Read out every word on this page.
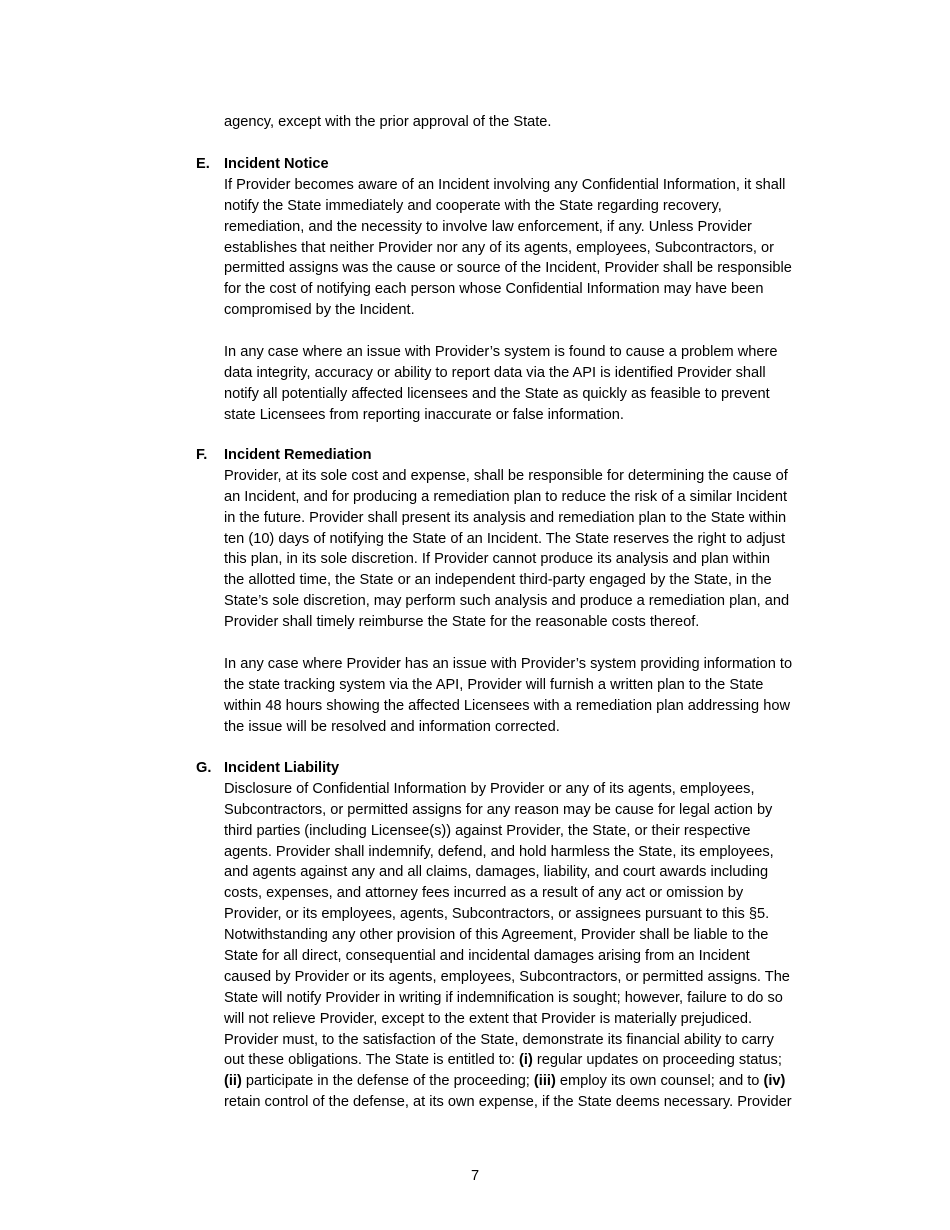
agency, except with the prior approval of the State.
E. Incident Notice
If Provider becomes aware of an Incident involving any Confidential Information, it shall
notify the State immediately and cooperate with the State regarding recovery,
remediation, and the necessity to involve law enforcement, if any. Unless Provider
establishes that neither Provider nor any of its agents, employees, Subcontractors, or
permitted assigns was the cause or source of the Incident, Provider shall be responsible
for the cost of notifying each person whose Confidential Information may have been
compromised by the Incident.
In any case where an issue with Provider’s system is found to cause a problem where
data integrity, accuracy or ability to report data via the API is identified Provider shall
notify all potentially affected licensees and the State as quickly as feasible to prevent
state Licensees from reporting inaccurate or false information.
F. Incident Remediation
Provider, at its sole cost and expense, shall be responsible for determining the cause of
an Incident, and for producing a remediation plan to reduce the risk of a similar Incident
in the future. Provider shall present its analysis and remediation plan to the State within
ten (10) days of notifying the State of an Incident. The State reserves the right to adjust
this plan, in its sole discretion. If Provider cannot produce its analysis and plan within
the allotted time, the State or an independent third-party engaged by the State, in the
State’s sole discretion, may perform such analysis and produce a remediation plan, and
Provider shall timely reimburse the State for the reasonable costs thereof.
In any case where Provider has an issue with Provider’s system providing information to
the state tracking system via the API, Provider will furnish a written plan to the State
within 48 hours showing the affected Licensees with a remediation plan addressing how
the issue will be resolved and information corrected.
G. Incident Liability
Disclosure of Confidential Information by Provider or any of its agents, employees,
Subcontractors, or permitted assigns for any reason may be cause for legal action by
third parties (including Licensee(s)) against Provider, the State, or their respective
agents. Provider shall indemnify, defend, and hold harmless the State, its employees,
and agents against any and all claims, damages, liability, and court awards including
costs, expenses, and attorney fees incurred as a result of any act or omission by
Provider, or its employees, agents, Subcontractors, or assignees pursuant to this §5.
Notwithstanding any other provision of this Agreement, Provider shall be liable to the
State for all direct, consequential and incidental damages arising from an Incident
caused by Provider or its agents, employees, Subcontractors, or permitted assigns. The
State will notify Provider in writing if indemnification is sought; however, failure to do so
will not relieve Provider, except to the extent that Provider is materially prejudiced.
Provider must, to the satisfaction of the State, demonstrate its financial ability to carry
out these obligations. The State is entitled to: (i) regular updates on proceeding status;
(ii) participate in the defense of the proceeding; (iii) employ its own counsel; and to (iv)
retain control of the defense, at its own expense, if the State deems necessary. Provider
7
